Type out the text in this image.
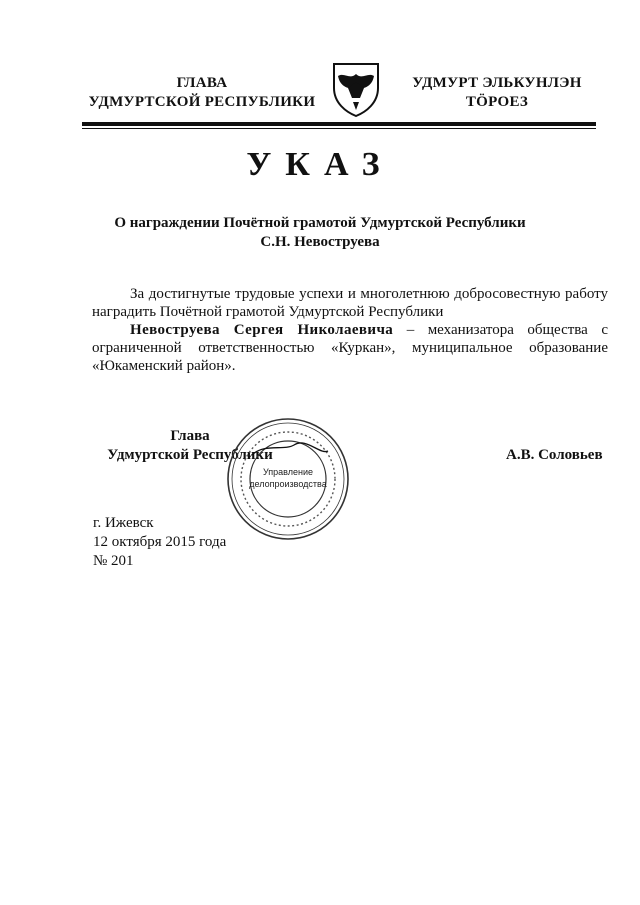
ГЛАВА
УДМУРТСКОЙ РЕСПУБЛИКИ
УДМУРТ ЭЛЬКУНЛЭН
ТӦРОЕЗ
УКАЗ
О награждении Почётной грамотой Удмуртской Республики
С.Н. Невоструева

За достигнутые трудовые успехи и многолетнюю добросовестную работу наградить Почётной грамотой Удмуртской Республики

Невоструева Сергея Николаевича – механизатора общества с ограниченной ответственностью «Куркан», муниципальное образование «Юкаменский район».

Глава
Удмуртской Республики
Управление
делопроизводства
А.В. Соловьев
г. Ижевск
12 октября 2015 года
№ 201
